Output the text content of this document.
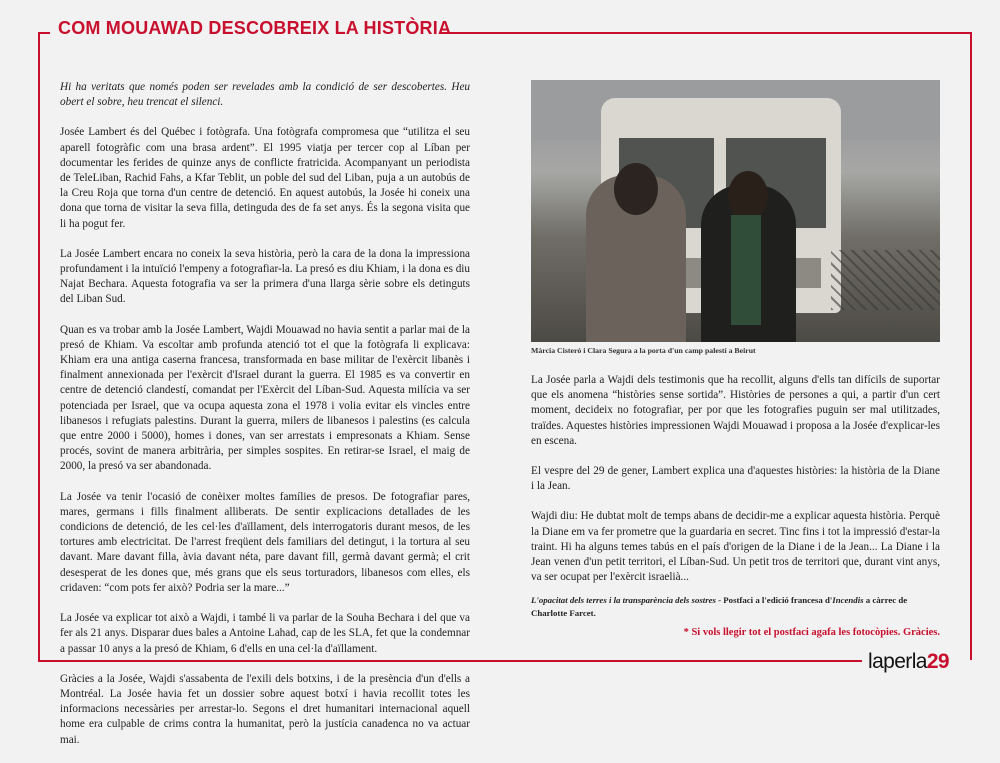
COM MOUAWAD DESCOBREIX LA HISTÒRIA

Hi ha veritats que només poden ser revelades amb la condició de ser descobertes. Heu obert el sobre, heu trencat el silenci.

Josée Lambert és del Québec i fotògrafa. Una fotògrafa compromesa que “utilitza el seu aparell fotogràfic com una brasa ardent”. El 1995 viatja per tercer cop al Líban per documentar les ferides de quinze anys de conflicte fratricida. Acompanyant un periodista de TeleLiban, Rachid Fahs, a Kfar Teblit, un poble del sud del Liban, puja a un autobús de la Creu Roja que torna d'un centre de detenció. En aquest autobús, la Josée hi coneix una dona que torna de visitar la seva filla, detinguda des de fa set anys. És la segona visita que li ha pogut fer.

La Josée Lambert encara no coneix la seva història, però la cara de la dona la impressiona profundament i la intuïció l'empeny a fotografiar-la. La presó es diu Khiam, i la dona es diu Najat Bechara. Aquesta fotografia va ser la primera d'una llarga sèrie sobre els detinguts del Liban Sud.

Quan es va trobar amb la Josée Lambert, Wajdi Mouawad no havia sentit a parlar mai de la presó de Khiam. Va escoltar amb profunda atenció tot el que la fotògrafa li explicava: Khiam era una antiga caserna francesa, transformada en base militar de l'exèrcit libanès i finalment annexionada per l'exèrcit d'Israel durant la guerra. El 1985 es va convertir en centre de detenció clandestí, comandat per l'Exèrcit del Líban-Sud. Aquesta milícia va ser potenciada per Israel, que va ocupa aquesta zona el 1978 i volia evitar els vincles entre libanesos i refugiats palestins. Durant la guerra, milers de libanesos i palestins (es calcula que entre 2000 i 5000), homes i dones, van ser arrestats i empresonats a Khiam. Sense procés, sovint de manera arbitrària, per simples sospites. En retirar-se Israel, el maig de 2000, la presó va ser abandonada.

La Josée va tenir l'ocasió de conèixer moltes famílies de presos. De fotografiar pares, mares, germans i fills finalment alliberats. De sentir explicacions detallades de les condicions de detenció, de les cel·les d'aïllament, dels interrogatoris durant mesos, de les tortures amb electricitat. De l'arrest freqüent dels familiars del detingut, i la tortura al seu davant. Mare davant filla, àvia davant néta, pare davant fill, germà davant germà; el crit desesperat de les dones que, més grans que els seus torturadors, libanesos com elles, els cridaven: “com pots fer això? Podria ser la mare...”

La Josée va explicar tot això a Wajdi, i també li va parlar de la Souha Bechara i del que va fer als 21 anys. Disparar dues bales a Antoine Lahad, cap de les SLA, fet que la condemnar a passar 10 anys a la presó de Khiam, 6 d'ells en una cel·la d'aïllament.

Gràcies a la Josée, Wajdi s'assabenta de l'exili dels botxins, i de la presència d'un d'ells a Montréal. La Josée havia fet un dossier sobre aquest botxí i havia recollit totes les informacions necessàries per arrestar-lo. Segons el dret humanitari internacional aquell home era culpable de crims contra la humanitat, però la justícia canadenca no va actuar mai.

Màrcia Cisteró i Clara Segura a la porta d'un camp palestí a Beirut

La Josée parla a Wajdi dels testimonis que ha recollit, alguns d'ells tan difícils de suportar que els anomena “històries sense sortida”. Històries de persones a qui, a partir d'un cert moment, decideix no fotografiar, per por que les fotografies puguin ser mal utilitzades, traïdes. Aquestes històries impressionen Wajdi Mouawad i proposa a la Josée d'explicar-les en escena.

El vespre del 29 de gener, Lambert explica una d'aquestes històries: la història de la Diane i la Jean.

Wajdi diu: He dubtat molt de temps abans de decidir-me a explicar aquesta història. Perquè la Diane em va fer prometre que la guardaria en secret. Tinc fins i tot la impressió d'estar-la traint. Hi ha alguns temes tabús en el país d'origen de la Diane i de la Jean... La Diane i la Jean venen d'un petit territori, el Líban-Sud. Un petit tros de territori que, durant vint anys, va ser ocupat per l'exèrcit israelià...

L'opacitat dels terres i la transparència dels sostres - Postfaci a l'edició francesa d'Incendis a càrrec de Charlotte Farcet.

* Si vols llegir tot el postfaci agafa les fotocòpies. Gràcies.
laperla29
